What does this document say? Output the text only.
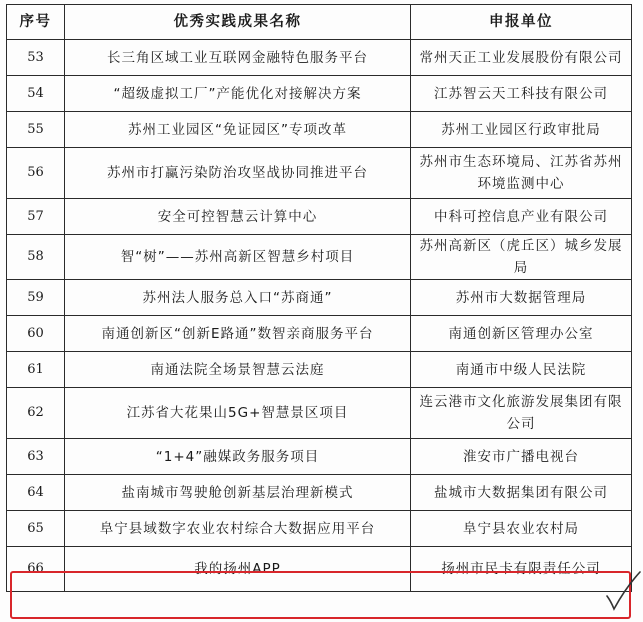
序号	优秀实践成果名称	申报单位
53	长三角区域工业互联网金融特色服务平台	常州天正工业发展股份有限公司
54	“超级虚拟工厂”产能优化对接解决方案	江苏智云天工科技有限公司
55	苏州工业园区“免证园区”专项改革	苏州工业园区行政审批局
56	苏州市打赢污染防治攻坚战协同推进平台	苏州市生态环境局、江苏省苏州环境监测中心
57	安全可控智慧云计算中心	中科可控信息产业有限公司
58	智“树”——苏州高新区智慧乡村项目	苏州高新区（虎丘区）城乡发展局
59	苏州法人服务总入口“苏商通”	苏州市大数据管理局
60	南通创新区“创新E路通”数智亲商服务平台	南通创新区管理办公室
61	南通法院全场景智慧云法庭	南通市中级人民法院
62	江苏省大花果山5G+智慧景区项目	连云港市文化旅游发展集团有限公司
63	“1+4”融媒政务服务项目	淮安市广播电视台
64	盐南城市驾驶舱创新基层治理新模式	盐城市大数据集团有限公司
65	阜宁县域数字农业农村综合大数据应用平台	阜宁县农业农村局
66	我的扬州APP	扬州市民卡有限责任公司
